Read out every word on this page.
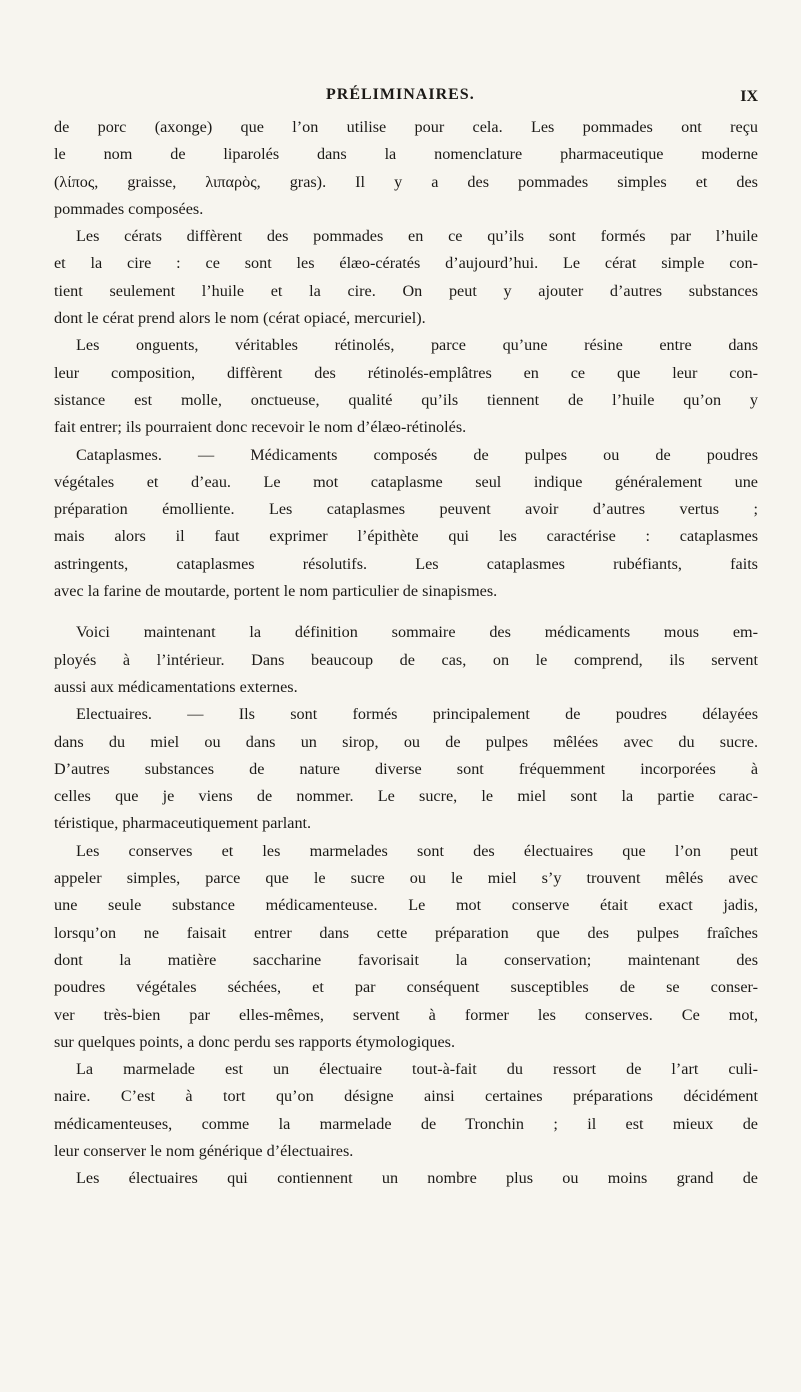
PRÉLIMINAIRES.	IX
de porc (axonge) que l’on utilise pour cela. Les pommades ont reçu
le nom de liparolés dans la nomenclature pharmaceutique moderne
(λίπος, graisse, λιπαρὸς, gras). Il y a des pommades simples et des
pommades composées.
Les cérats diffèrent des pommades en ce qu’ils sont formés par l’huile
et la cire : ce sont les élæo-cératés d’aujourd’hui. Le cérat simple con-
tient seulement l’huile et la cire. On peut y ajouter d’autres substances
dont le cérat prend alors le nom (cérat opiacé, mercuriel).
Les onguents, véritables rétinolés, parce qu’une résine entre dans
leur composition, diffèrent des rétinolés-emplâtres en ce que leur con-
sistance est molle, onctueuse, qualité qu’ils tiennent de l’huile qu’on y
fait entrer; ils pourraient donc recevoir le nom d’élæo-rétinolés.
Cataplasmes. — Médicaments composés de pulpes ou de poudres
végétales et d’eau. Le mot cataplasme seul indique généralement une
préparation émolliente. Les cataplasmes peuvent avoir d’autres vertus ;
mais alors il faut exprimer l’épithète qui les caractérise : cataplasmes
astringents, cataplasmes résolutifs. Les cataplasmes rubéfiants, faits
avec la farine de moutarde, portent le nom particulier de sinapismes.
Voici maintenant la définition sommaire des médicaments mous em-
ployés à l’intérieur. Dans beaucoup de cas, on le comprend, ils servent
aussi aux médicamentations externes.
Electuaires. — Ils sont formés principalement de poudres délayées
dans du miel ou dans un sirop, ou de pulpes mêlées avec du sucre.
D’autres substances de nature diverse sont fréquemment incorporées à
celles que je viens de nommer. Le sucre, le miel sont la partie carac-
téristique, pharmaceutiquement parlant.
Les conserves et les marmelades sont des électuaires que l’on peut
appeler simples, parce que le sucre ou le miel s’y trouvent mêlés avec
une seule substance médicamenteuse. Le mot conserve était exact jadis,
lorsqu’on ne faisait entrer dans cette préparation que des pulpes fraîches
dont la matière saccharine favorisait la conservation; maintenant des
poudres végétales séchées, et par conséquent susceptibles de se conser-
ver très-bien par elles-mêmes, servent à former les conserves. Ce mot,
sur quelques points, a donc perdu ses rapports étymologiques.
La marmelade est un électuaire tout-à-fait du ressort de l’art culi-
naire. C’est à tort qu’on désigne ainsi certaines préparations décidément
médicamenteuses, comme la marmelade de Tronchin ; il est mieux de
leur conserver le nom générique d’électuaires.
Les électuaires qui contiennent un nombre plus ou moins grand de
